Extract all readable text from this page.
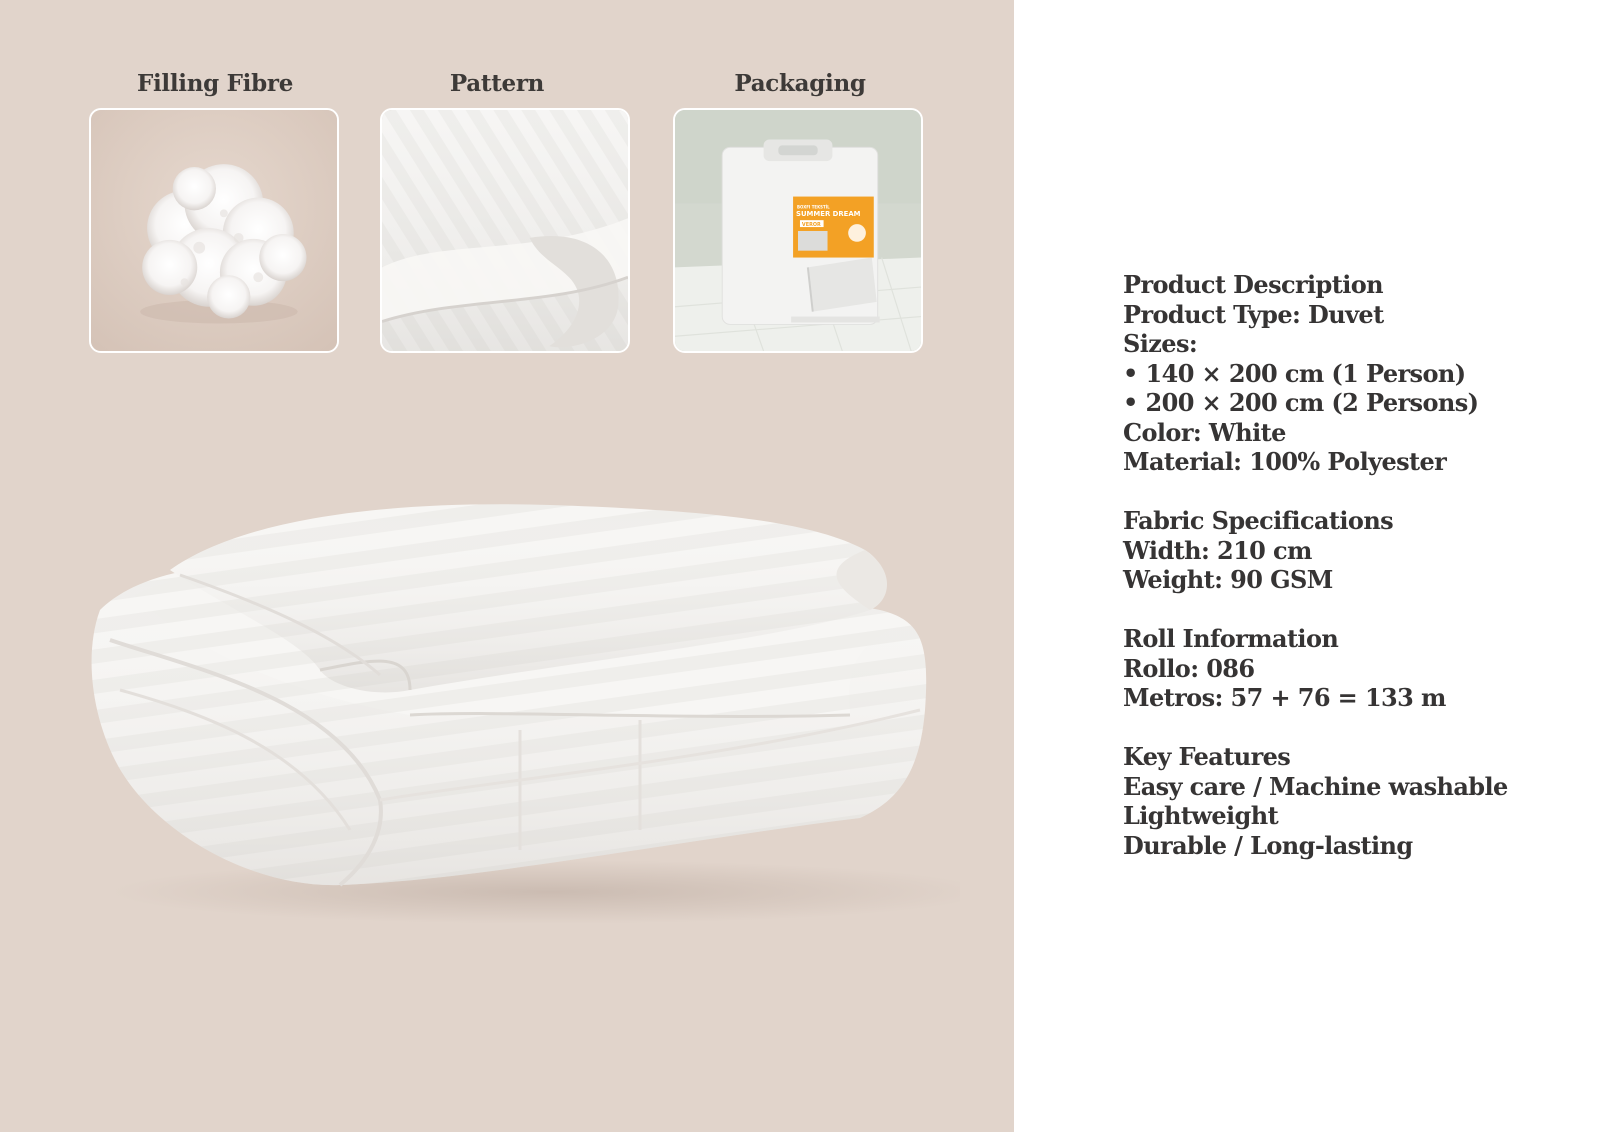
Filling Fibre	Pattern	Packaging
BOXFI TEKSTİL
SUMMER DREAM
VEROR
Product Description
Product Type: Duvet
Sizes:
• 140 × 200 cm (1 Person)
• 200 × 200 cm (2 Persons)
Color: White
Material: 100% Polyester
Fabric Specifications
Width: 210 cm
Weight: 90 GSM
Roll Information
Rollo: 086
Metros: 57 + 76 = 133 m
Key Features
Easy care / Machine washable
Lightweight
Durable / Long-lasting
